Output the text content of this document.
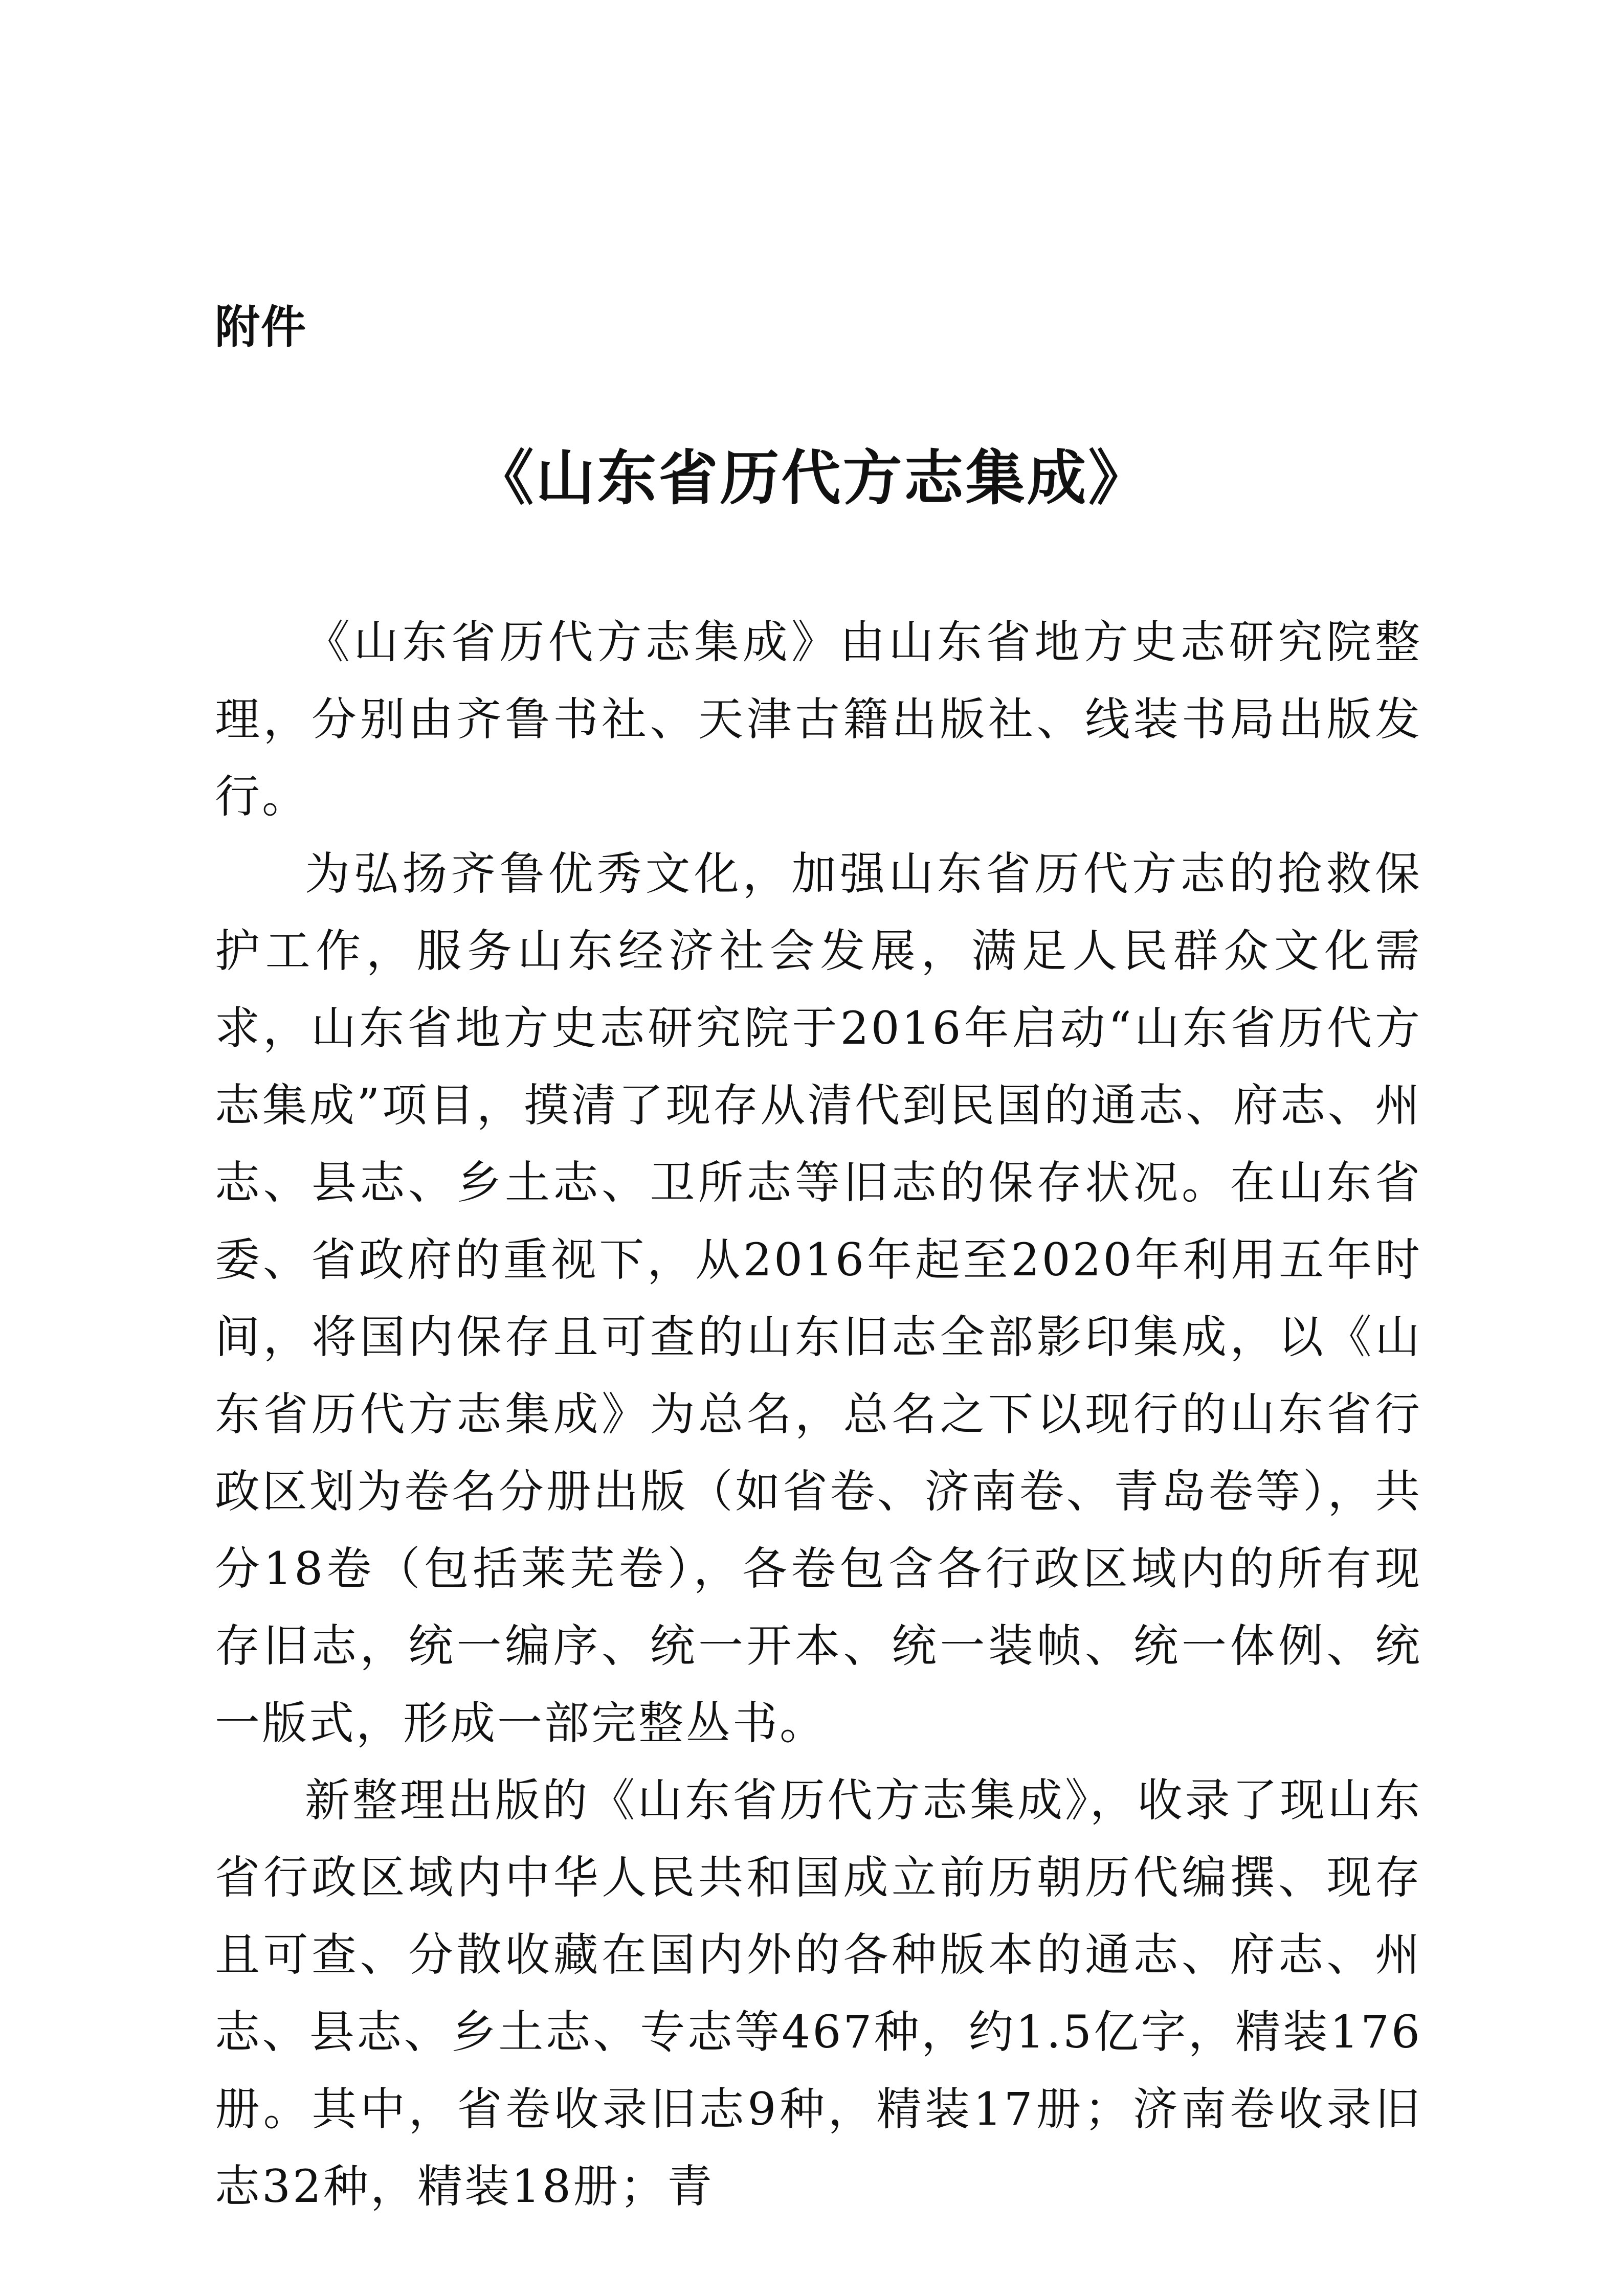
附件
《山东省历代方志集成》

《山东省历代方志集成》由山东省地方史志研究院整理，分别由齐鲁书社、天津古籍出版社、线装书局出版发行。

为弘扬齐鲁优秀文化，加强山东省历代方志的抢救保护工作，服务山东经济社会发展，满足人民群众文化需求，山东省地方史志研究院于2016年启动“山东省历代方志集成”项目，摸清了现存从清代到民国的通志、府志、州志、县志、乡土志、卫所志等旧志的保存状况。在山东省委、省政府的重视下，从2016年起至2020年利用五年时间，将国内保存且可查的山东旧志全部影印集成，以《山东省历代方志集成》为总名，总名之下以现行的山东省行政区划为卷名分册出版（如省卷、济南卷、青岛卷等），共分18卷（包括莱芜卷），各卷包含各行政区域内的所有现存旧志，统一编序、统一开本、统一装帧、统一体例、统一版式，形成一部完整丛书。

新整理出版的《山东省历代方志集成》，收录了现山东省行政区域内中华人民共和国成立前历朝历代编撰、现存且可查、分散收藏在国内外的各种版本的通志、府志、州志、县志、乡土志、专志等467种，约1.5亿字，精装176册。其中，省卷收录旧志9种，精装17册；济南卷收录旧志32种，精装18册；青
